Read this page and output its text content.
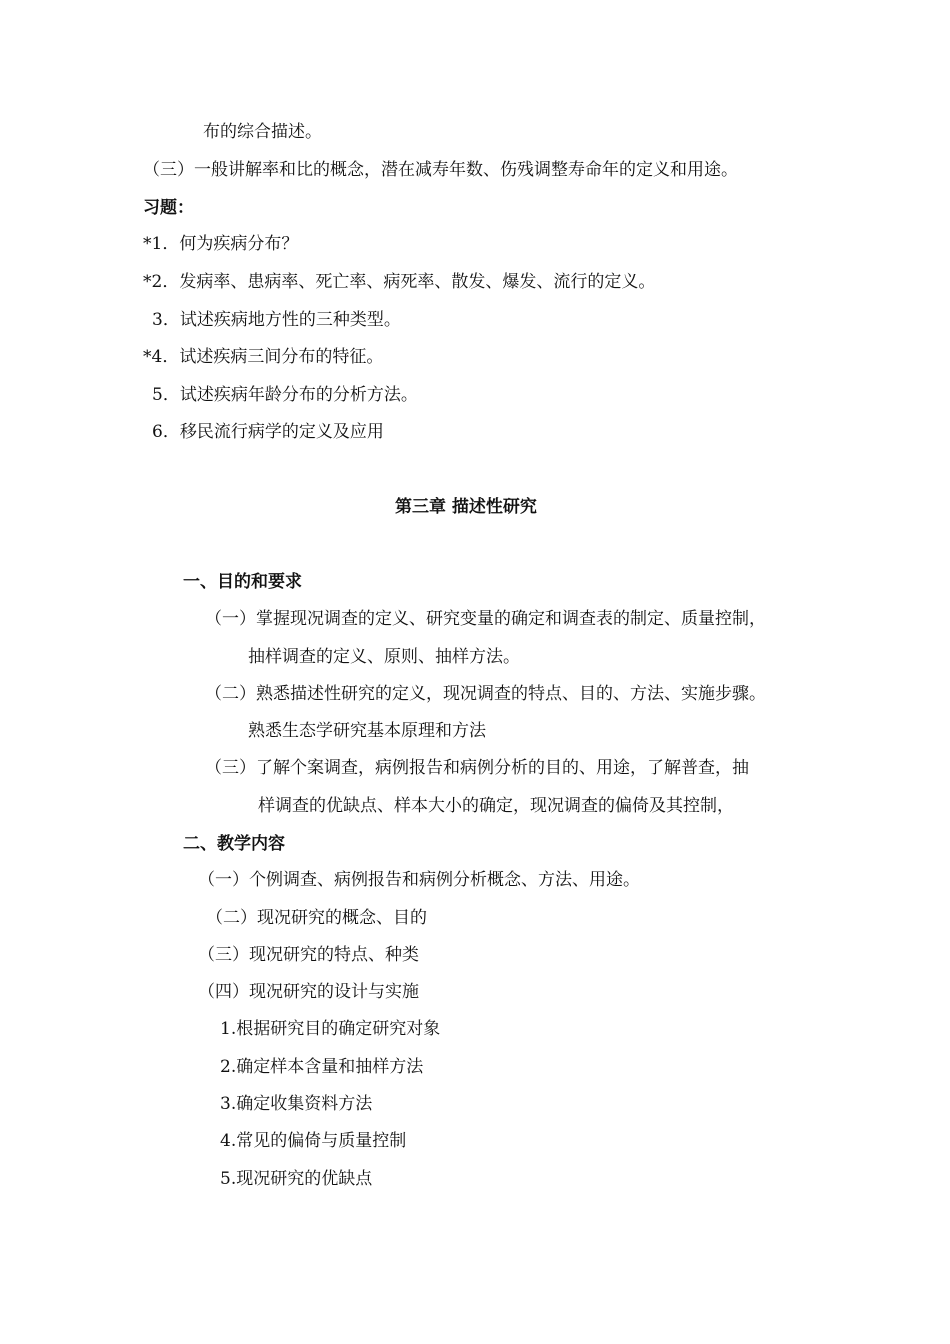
布的综合描述。
（三）一般讲解率和比的概念，潜在减寿年数、伤残调整寿命年的定义和用途。
习题：
*1．何为疾病分布？
*2．发病率、患病率、死亡率、病死率、散发、爆发、流行的定义。
3．试述疾病地方性的三种类型。
*4．试述疾病三间分布的特征。
5．试述疾病年龄分布的分析方法。
6．移民流行病学的定义及应用
第三章 描述性研究
一、目的和要求
（一）掌握现况调查的定义、研究变量的确定和调查表的制定、质量控制，
抽样调查的定义、原则、抽样方法。
（二）熟悉描述性研究的定义，现况调查的特点、目的、方法、实施步骤。
熟悉生态学研究基本原理和方法
（三）了解个案调查，病例报告和病例分析的目的、用途，了解普查，抽
样调查的优缺点、样本大小的确定，现况调查的偏倚及其控制，
二、教学内容
（一）个例调查、病例报告和病例分析概念、方法、用途。
（二）现况研究的概念、目的
（三）现况研究的特点、种类
（四）现况研究的设计与实施
1.根据研究目的确定研究对象
2.确定样本含量和抽样方法
3.确定收集资料方法
4.常见的偏倚与质量控制
5.现况研究的优缺点
